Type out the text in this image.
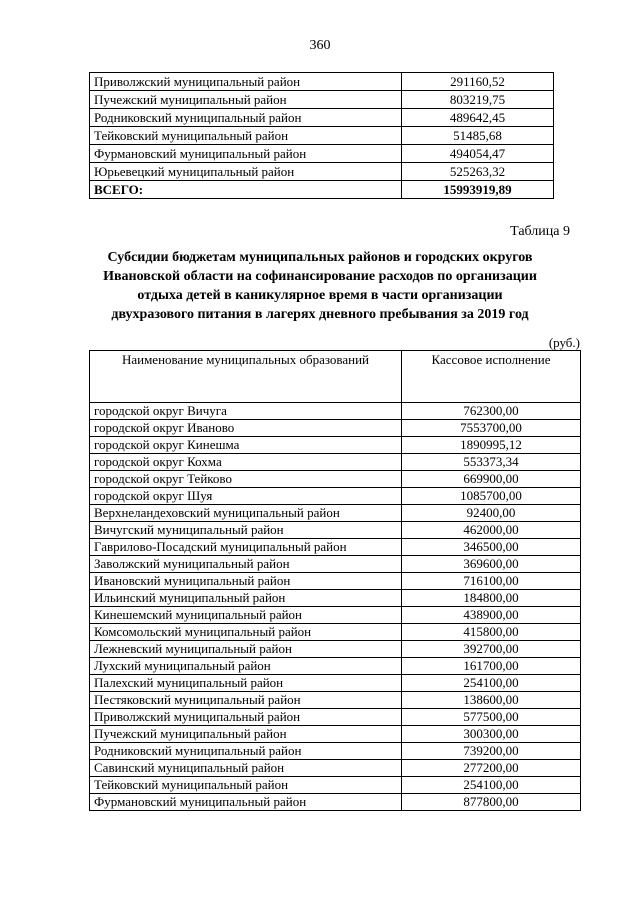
360
Приволжский муниципальный район	291160,52
Пучежский муниципальный район	803219,75
Родниковский муниципальный район	489642,45
Тейковский муниципальный район	51485,68
Фурмановский муниципальный район	494054,47
Юрьевецкий муниципальный район	525263,32
ВСЕГО:	15993919,89
Таблица 9
Субсидии бюджетам муниципальных районов и городских округов
Ивановской области на софинансирование расходов по организации
отдыха детей в каникулярное время в части организации
двухразового питания в лагерях дневного пребывания за 2019 год
(руб.)
Наименование муниципальных образований	Кассовое исполнение
городской округ Вичуга	762300,00
городской округ Иваново	7553700,00
городской округ Кинешма	1890995,12
городской округ Кохма	553373,34
городской округ Тейково	669900,00
городской округ Шуя	1085700,00
Верхнеландеховский муниципальный район	92400,00
Вичугский муниципальный район	462000,00
Гаврилово-Посадский муниципальный район	346500,00
Заволжский муниципальный район	369600,00
Ивановский муниципальный район	716100,00
Ильинский муниципальный район	184800,00
Кинешемский муниципальный район	438900,00
Комсомольский муниципальный район	415800,00
Лежневский муниципальный район	392700,00
Лухский муниципальный район	161700,00
Палехский муниципальный район	254100,00
Пестяковский муниципальный район	138600,00
Приволжский муниципальный район	577500,00
Пучежский муниципальный район	300300,00
Родниковский муниципальный район	739200,00
Савинский муниципальный район	277200,00
Тейковский муниципальный район	254100,00
Фурмановский муниципальный район	877800,00
